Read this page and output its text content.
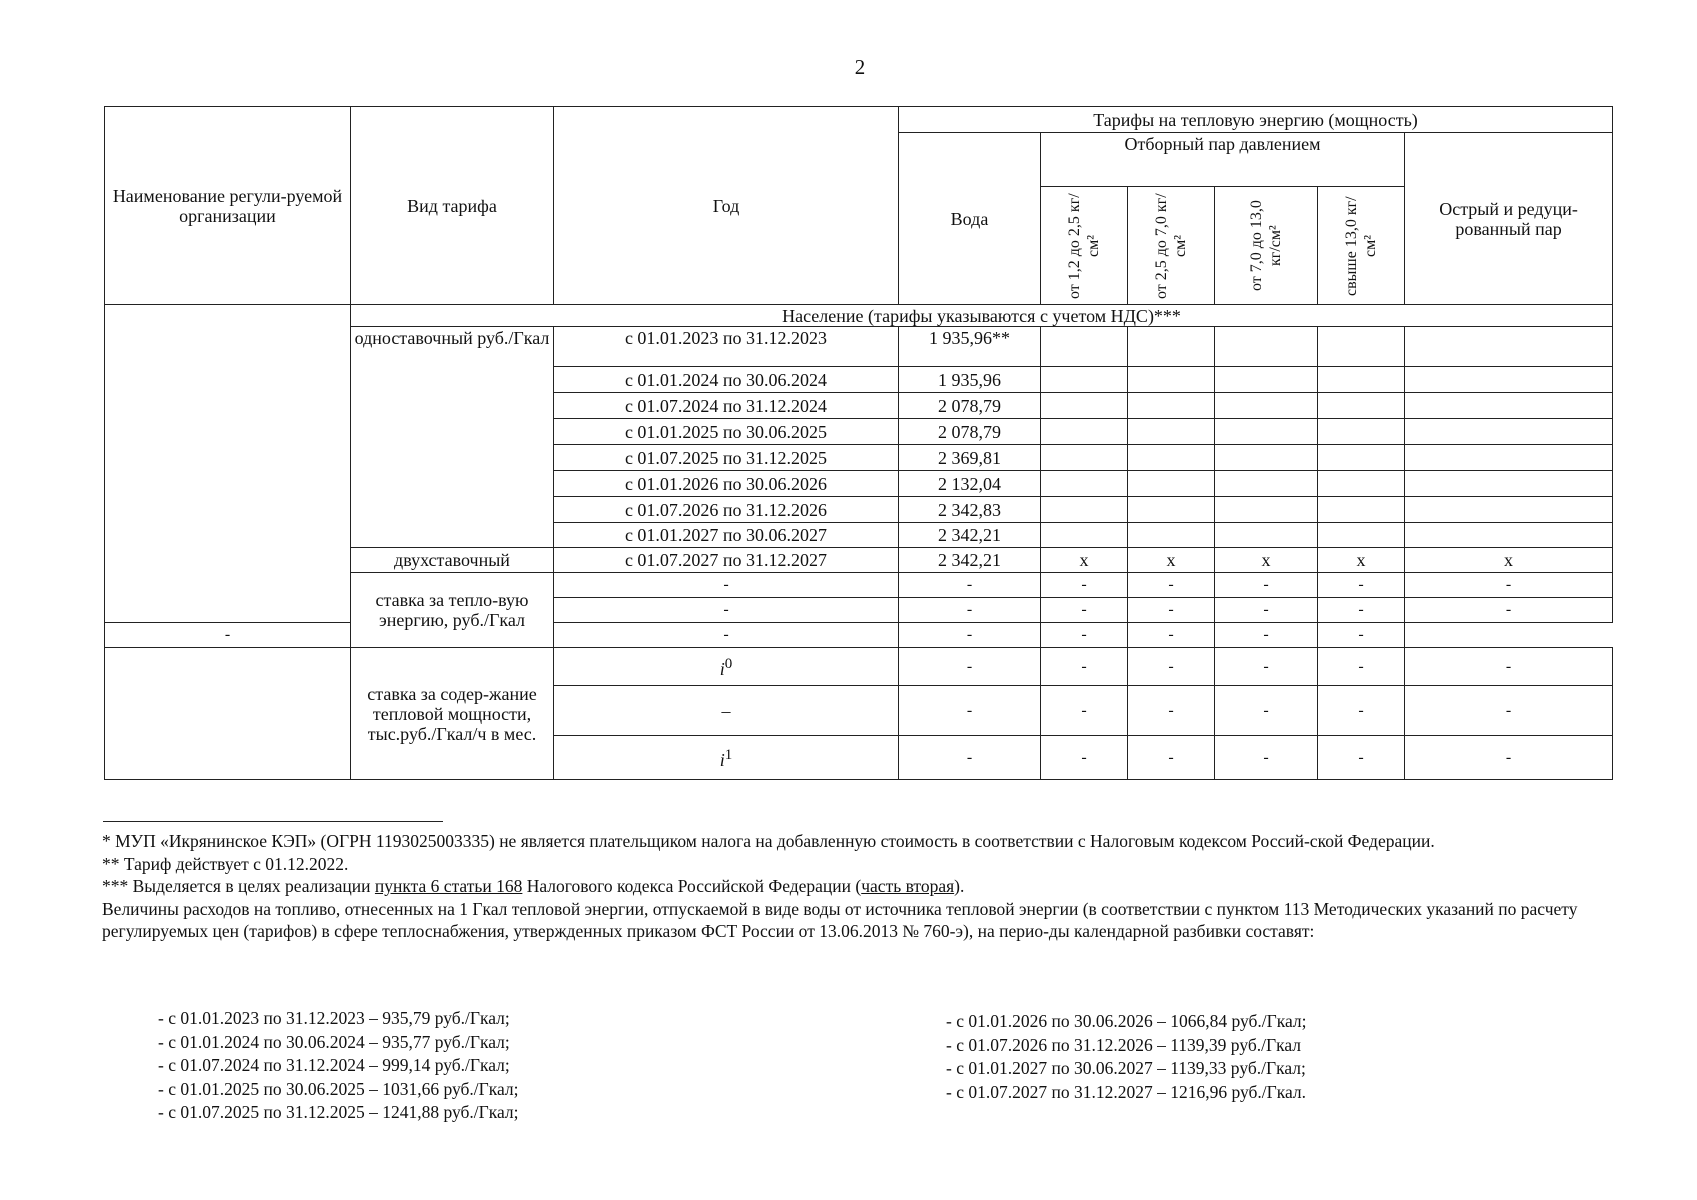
2
Наименование регули-руемой организации	Вид тарифа	Год	Тарифы на тепловую энергию (мощность)					
			Вода	Отборный пар давлением				Острый и редуци-рованный пар

				от 1,2 до 2,5 кг/см²	от 2,5 до 7,0 кг/см²	от 7,0 до 13,0 кг/см²	свыше 13,0 кг/см²	

	Население (тарифы указываются с учетом НДС)***							
	одноставочный руб./Гкал	с 01.01.2023 по 31.12.2023	1 935,96**					
		с 01.01.2024 по 30.06.2024	1 935,96					
		с 01.07.2024 по 31.12.2024	2 078,79					
		с 01.01.2025 по 30.06.2025	2 078,79					
		с 01.07.2025 по 31.12.2025	2 369,81					
		с 01.01.2026 по 30.06.2026	2 132,04					
		с 01.07.2026 по 31.12.2026	2 342,83					
		с 01.01.2027 по 30.06.2027	2 342,21					
	двухставочный	с 01.07.2027 по 31.12.2027	2 342,21	x	x	x	x	x
	ставка за тепло-вую энергию, руб./Гкал	-	-	-	-	-	-	-
		-	-	-	-	-	-	-
-		-	-	-	-	-	-	
	ставка за содер-жание тепловой мощности, тыс.руб./Гкал/ч в мес.	$i^0$	-	-	-	-	-	-
		–	-	-	-	-	-	-
		$i^1$	-	-	-	-	-	-

* МУП «Икрянинское КЭП» (ОГРН 1193025003335) не является плательщиком налога на добавленную стоимость в соответствии с Налоговым кодексом Россий-ской Федерации.

** Тариф действует с 01.12.2022.

*** Выделяется в целях реализации пункта 6 статьи 168 Налогового кодекса Российской Федерации (часть вторая).

Величины расходов на топливо, отнесенных на 1 Гкал тепловой энергии, отпускаемой в виде воды от источника тепловой энергии (в соответствии с пунктом 113 Методических указаний по расчету регулируемых цен (тарифов) в сфере теплоснабжения, утвержденных приказом ФСТ России от 13.06.2013 № 760-э), на перио-ды календарной разбивки составят:

- с 01.01.2023 по 31.12.2023 – 935,79 руб./Гкал;

- с 01.01.2024 по 30.06.2024 – 935,77 руб./Гкал;

- с 01.07.2024 по 31.12.2024 – 999,14 руб./Гкал;

- с 01.01.2025 по 30.06.2025 – 1031,66 руб./Гкал;

- с 01.07.2025 по 31.12.2025 – 1241,88 руб./Гкал;

- с 01.01.2026 по 30.06.2026 – 1066,84 руб./Гкал;

- с 01.07.2026 по 31.12.2026 – 1139,39 руб./Гкал

- с 01.01.2027 по 30.06.2027 – 1139,33 руб./Гкал;

- с 01.07.2027 по 31.12.2027 – 1216,96 руб./Гкал.
